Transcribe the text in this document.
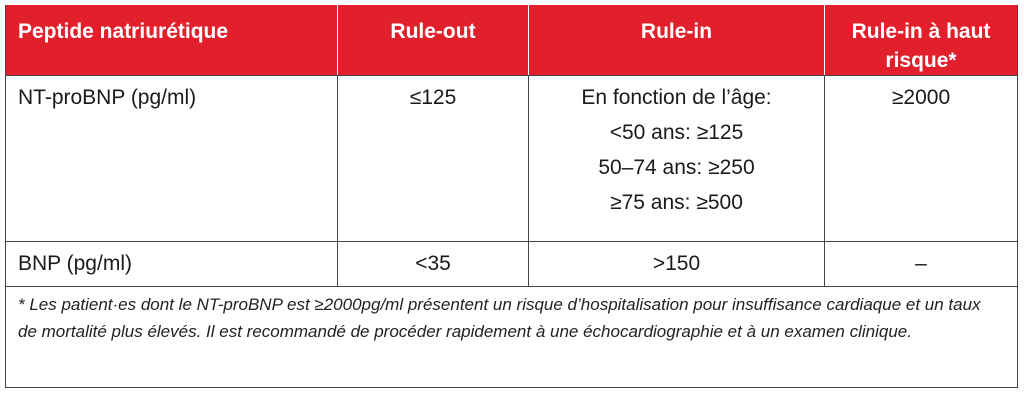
Peptide natriurétique	Rule-out	Rule-in	Rule-in à haut risque*
NT-proBNP (pg/ml)	≤125	En fonction de l’âge:
<50 ans: ≥125
50–74 ans: ≥250
≥75 ans: ≥500	≥2000
BNP (pg/ml)	<35	>150	–
* Les patient·es dont le NT-proBNP est ≥2000pg/ml présentent un risque d’hospitalisation pour insuffisance cardiaque et un taux de mortalité plus élevés. Il est recommandé de procéder rapidement à une échocardiographie et à un examen clinique.			
